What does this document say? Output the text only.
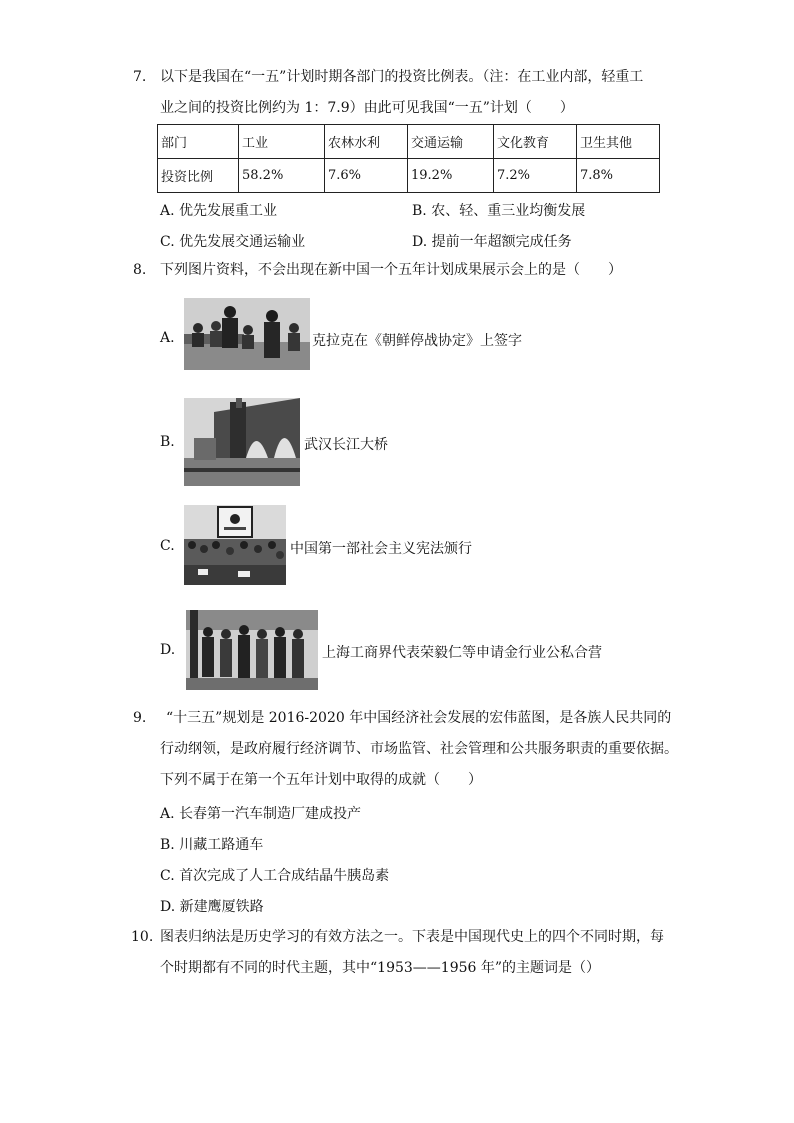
7. 以下是我国在“一五”计划时期各部门的投资比例表。（注：在工业内部，轻重工
业之间的投资比例约为 1：7.9）由此可见我国“一五”计划（　　）
部门	工业	农林水利	交通运输	文化教育	卫生其他
投资比例	58.2%	7.6%	19.2%	7.2%	7.8%
A. 优先发展重工业	B. 农、轻、重三业均衡发展
C. 优先发展交通运输业	D. 提前一年超额完成任务
8. 下列图片资料，不会出现在新中国一个五年计划成果展示会上的是（　　）
A.	克拉克在《朝鲜停战协定》上签字
B.	武汉长江大桥
C.	中国第一部社会主义宪法颁行
D.	上海工商界代表荣毅仁等申请金行业公私合营
9.	“十三五”规划是 2016-2020 年中国经济社会发展的宏伟蓝图，是各族人民共同的
行动纲领，是政府履行经济调节、市场监管、社会管理和公共服务职责的重要依据。
下列不属于在第一个五年计划中取得的成就（　　）
A. 长春第一汽车制造厂建成投产
B. 川藏工路通车
C. 首次完成了人工合成结晶牛胰岛素
D. 新建鹰厦铁路
10. 图表归纳法是历史学习的有效方法之一。下表是中国现代史上的四个不同时期，每
个时期都有不同的时代主题，其中“1953——1956 年”的主题词是（）
